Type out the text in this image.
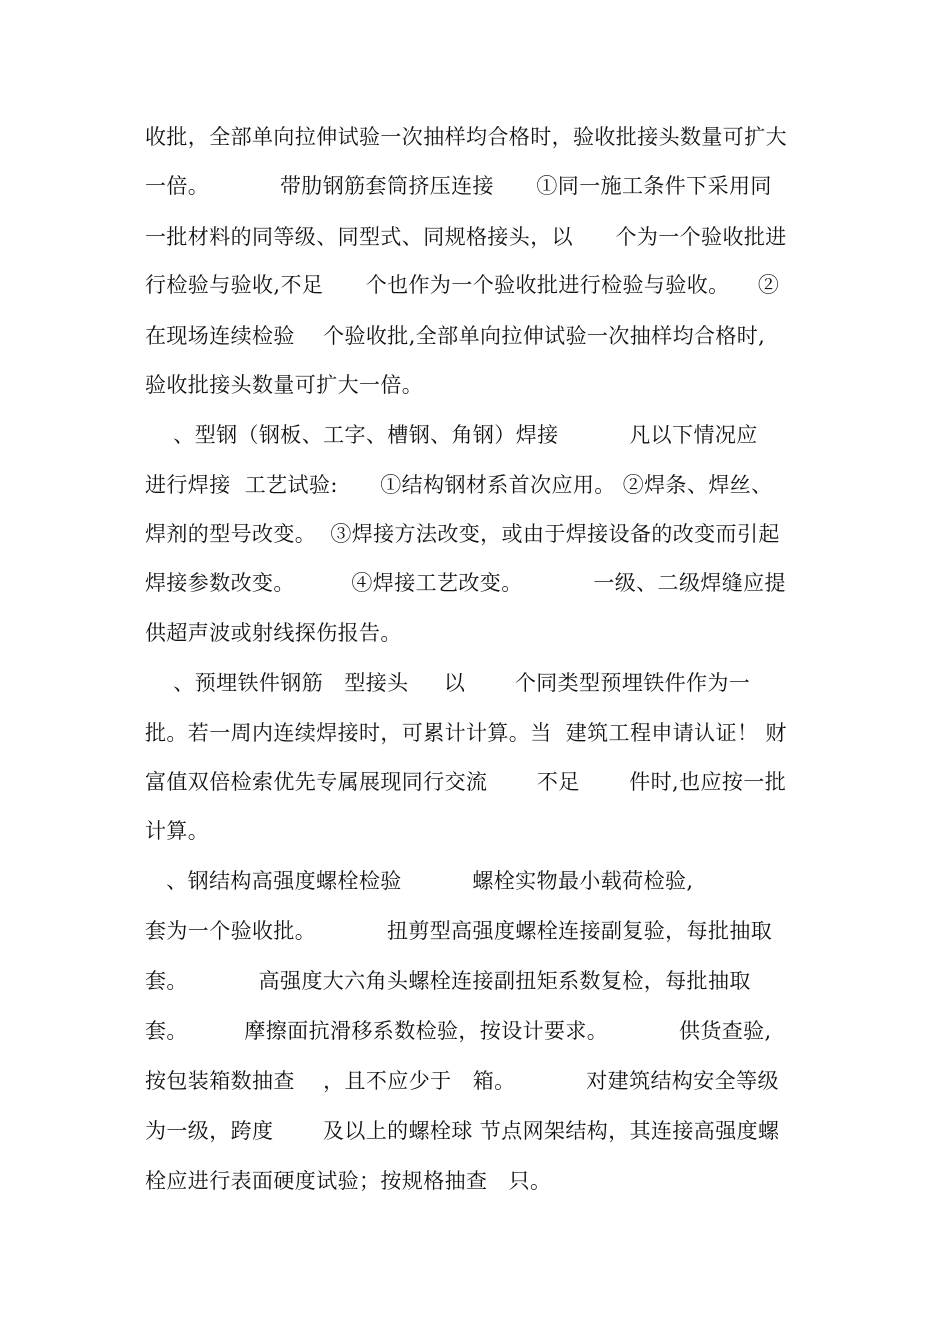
收批，全部单向拉伸试验一次抽样均合格时，验收批接头数量可扩大
一倍。          带肋钢筋套筒挤压连接      ①同一施工条件下采用同
一批材料的同等级、同型式、同规格接头，以      个为一个验收批进
行检验与验收,不足      个也作为一个验收批进行检验与验收。    ②
在现场连续检验    个验收批,全部单向拉伸试验一次抽样均合格时,
验收批接头数量可扩大一倍。
、型钢（钢板、工字、槽钢、角钢）焊接          凡以下情况应
进行焊接  工艺试验:      ①结构钢材系首次应用。 ②焊条、焊丝、
焊剂的型号改变。  ③焊接方法改变，或由于焊接设备的改变而引起
焊接参数改变。        ④焊接工艺改变。          一级、二级焊缝应提
供超声波或射线探伤报告。
、预埋铁件钢筋   型接头     以       个同类型预埋铁件作为一
批。若一周内连续焊接时，可累计计算。当  建筑工程申请认证！ 财
富值双倍检索优先专属展现同行交流       不足       件时,也应按一批
计算。
、钢结构高强度螺栓检验          螺栓实物最小载荷检验,
套为一个验收批。          扭剪型高强度螺栓连接副复验，每批抽取
套。          高强度大六角头螺栓连接副扭矩系数复检，每批抽取
套。        摩擦面抗滑移系数检验，按设计要求。          供货查验,
按包装箱数抽查    ，且不应少于   箱。          对建筑结构安全等级
为一级，跨度       及以上的螺栓球 节点网架结构，其连接高强度螺
栓应进行表面硬度试验；按规格抽查   只。
